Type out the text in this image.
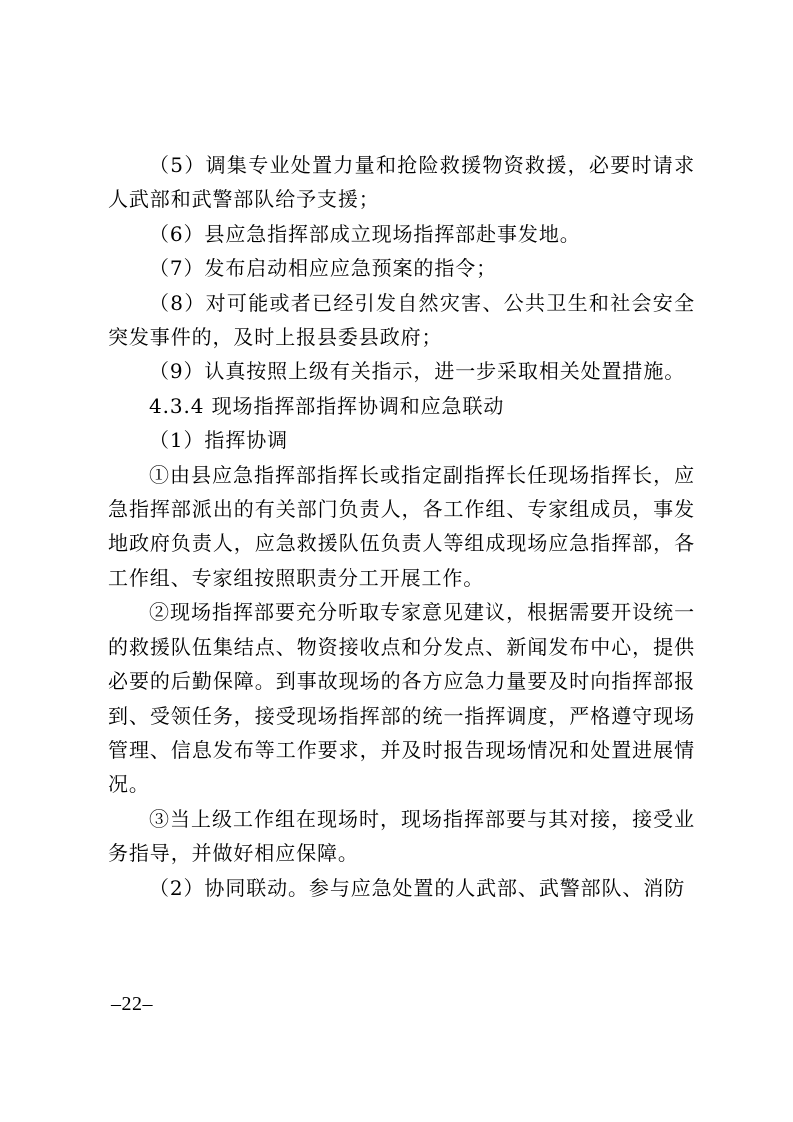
（5）调集专业处置力量和抢险救援物资救援，必要时请求人武部和武警部队给予支援；

（6）县应急指挥部成立现场指挥部赴事发地。

（7）发布启动相应应急预案的指令；

（8）对可能或者已经引发自然灾害、公共卫生和社会安全突发事件的，及时上报县委县政府；

（9）认真按照上级有关指示，进一步采取相关处置措施。

4.3.4 现场指挥部指挥协调和应急联动

（1）指挥协调

①由县应急指挥部指挥长或指定副指挥长任现场指挥长，应急指挥部派出的有关部门负责人，各工作组、专家组成员，事发地政府负责人，应急救援队伍负责人等组成现场应急指挥部，各工作组、专家组按照职责分工开展工作。

②现场指挥部要充分听取专家意见建议，根据需要开设统一的救援队伍集结点、物资接收点和分发点、新闻发布中心，提供必要的后勤保障。到事故现场的各方应急力量要及时向指挥部报到、受领任务，接受现场指挥部的统一指挥调度，严格遵守现场管理、信息发布等工作要求，并及时报告现场情况和处置进展情况。

③当上级工作组在现场时，现场指挥部要与其对接，接受业务指导，并做好相应保障。

（2）协同联动。参与应急处置的人武部、武警部队、消防

–22–
